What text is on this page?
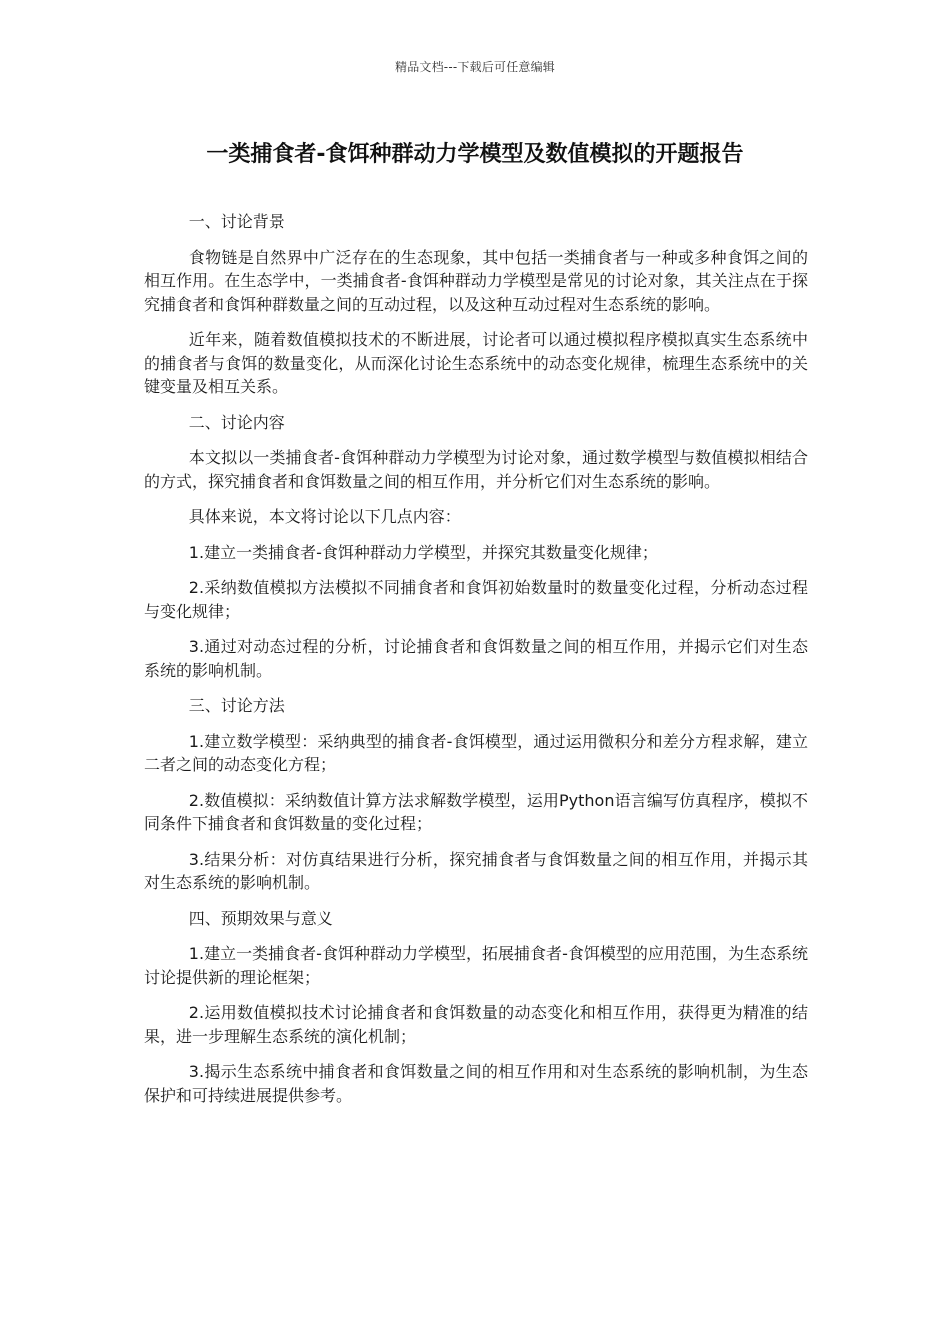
精品文档---下载后可任意编辑
一类捕食者-食饵种群动力学模型及数值模拟的开题报告

一、讨论背景

食物链是自然界中广泛存在的生态现象，其中包括一类捕食者与一种或多种食饵之间的相互作用。在生态学中，一类捕食者-食饵种群动力学模型是常见的讨论对象，其关注点在于探究捕食者和食饵种群数量之间的互动过程，以及这种互动过程对生态系统的影响。

近年来，随着数值模拟技术的不断进展，讨论者可以通过模拟程序模拟真实生态系统中的捕食者与食饵的数量变化，从而深化讨论生态系统中的动态变化规律，梳理生态系统中的关键变量及相互关系。

二、讨论内容

本文拟以一类捕食者-食饵种群动力学模型为讨论对象，通过数学模型与数值模拟相结合的方式，探究捕食者和食饵数量之间的相互作用，并分析它们对生态系统的影响。

具体来说，本文将讨论以下几点内容：

1.建立一类捕食者-食饵种群动力学模型，并探究其数量变化规律；

2.采纳数值模拟方法模拟不同捕食者和食饵初始数量时的数量变化过程，分析动态过程与变化规律；

3.通过对动态过程的分析，讨论捕食者和食饵数量之间的相互作用，并揭示它们对生态系统的影响机制。

三、讨论方法

1.建立数学模型：采纳典型的捕食者-食饵模型，通过运用微积分和差分方程求解，建立二者之间的动态变化方程；

2.数值模拟：采纳数值计算方法求解数学模型，运用Python语言编写仿真程序，模拟不同条件下捕食者和食饵数量的变化过程；

3.结果分析：对仿真结果进行分析，探究捕食者与食饵数量之间的相互作用，并揭示其对生态系统的影响机制。

四、预期效果与意义

1.建立一类捕食者-食饵种群动力学模型，拓展捕食者-食饵模型的应用范围，为生态系统讨论提供新的理论框架；

2.运用数值模拟技术讨论捕食者和食饵数量的动态变化和相互作用，获得更为精准的结果，进一步理解生态系统的演化机制；

3.揭示生态系统中捕食者和食饵数量之间的相互作用和对生态系统的影响机制，为生态保护和可持续进展提供参考。
